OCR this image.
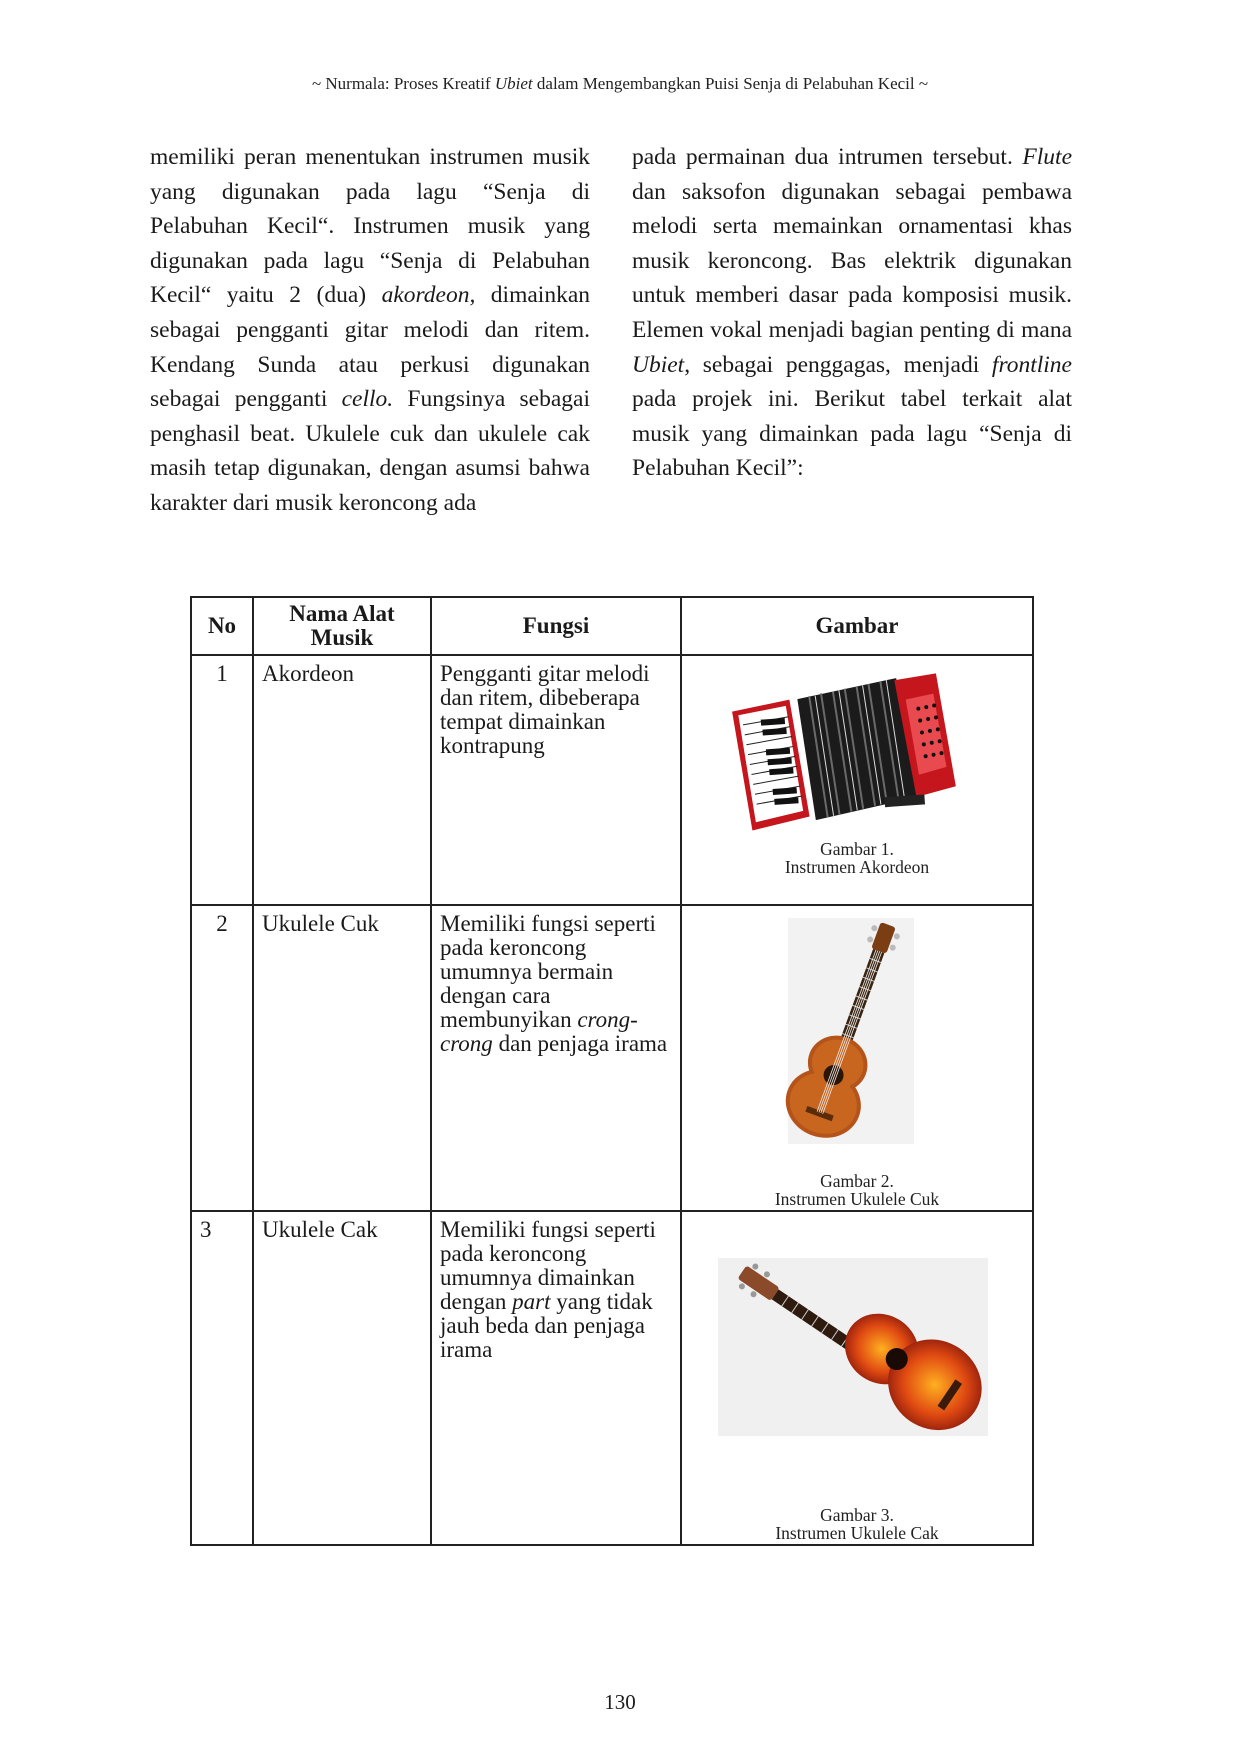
~ Nurmala: Proses Kreatif Ubiet dalam Mengembangkan Puisi Senja di Pelabuhan Kecil ~

memiliki peran menentukan instrumen musik yang digunakan pada lagu “Senja di Pelabuhan Kecil“. Instrumen musik yang digunakan pada lagu “Senja di Pelabuhan Kecil“ yaitu 2 (dua) akordeon, dimainkan sebagai pengganti gitar melodi dan ritem. Kendang Sunda atau perkusi digunakan sebagai pengganti cello. Fungsinya sebagai penghasil beat. Ukulele cuk dan ukulele cak masih tetap digunakan, dengan asumsi bahwa karakter dari musik keroncong ada

pada permainan dua intrumen tersebut. Flute dan saksofon digunakan sebagai pembawa melodi serta memainkan ornamentasi khas musik keroncong. Bas elektrik digunakan untuk memberi dasar pada komposisi musik. Elemen vokal menjadi bagian penting di mana Ubiet, sebagai penggagas, menjadi frontline pada projek ini. Berikut tabel terkait alat musik yang dimainkan pada lagu “Senja di Pelabuhan Kecil”:

No	Nama Alat Musik	Fungsi	Gambar
1	Akordeon	Pengganti gitar melodi dan ritem, dibeberapa tempat dimainkan kontrapung	Gambar 1.
Instrumen Akordeon

2	Ukulele Cuk	Memiliki fungsi seperti pada keroncong umumnya bermain dengan cara membunyikan crong-crong dan penjaga irama	Gambar 2.
Instrumen Ukulele Cuk

3	Ukulele Cak	Memiliki fungsi seperti pada keroncong umumnya dimainkan dengan part yang tidak jauh beda dan penjaga irama	Gambar 3.
Instrumen Ukulele Cak
130
